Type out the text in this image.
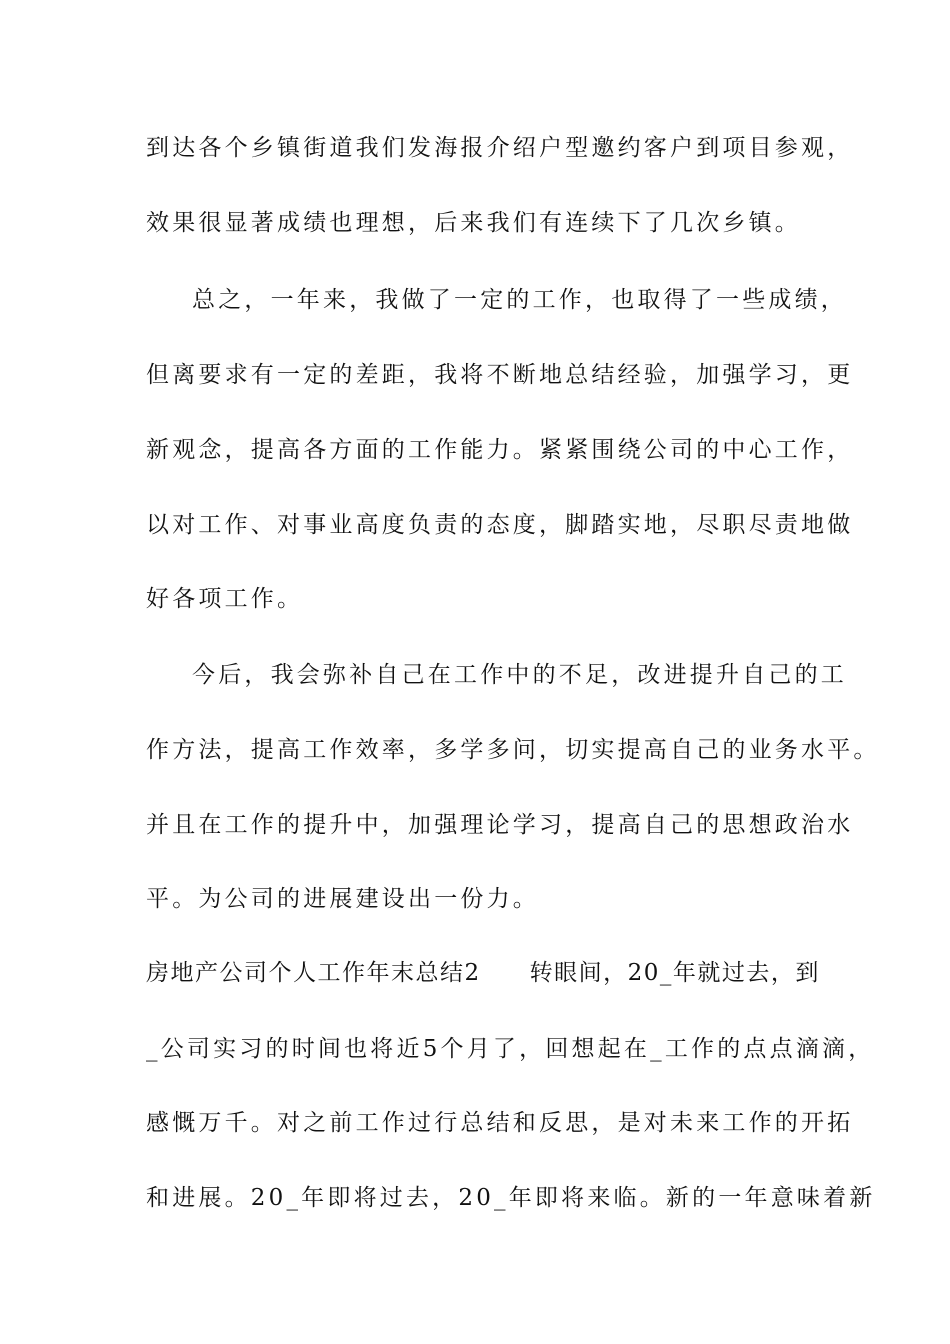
到达各个乡镇街道我们发海报介绍户型邀约客户到项目参观，
效果很显著成绩也理想，后来我们有连续下了几次乡镇。
总之，一年来，我做了一定的工作，也取得了一些成绩，
但离要求有一定的差距，我将不断地总结经验，加强学习，更
新观念，提高各方面的工作能力。紧紧围绕公司的中心工作，
以对工作、对事业高度负责的态度，脚踏实地，尽职尽责地做
好各项工作。
今后，我会弥补自己在工作中的不足，改进提升自己的工
作方法，提高工作效率，多学多问，切实提高自己的业务水平。
并且在工作的提升中，加强理论学习，提高自己的思想政治水
平。为公司的进展建设出一份力。
房地产公司个人工作年末总结2　　转眼间，20_年就过去，到
_公司实习的时间也将近5个月了，回想起在_工作的点点滴滴，
感慨万千。对之前工作过行总结和反思，是对未来工作的开拓
和进展。20_年即将过去，20_年即将来临。新的一年意味着新
